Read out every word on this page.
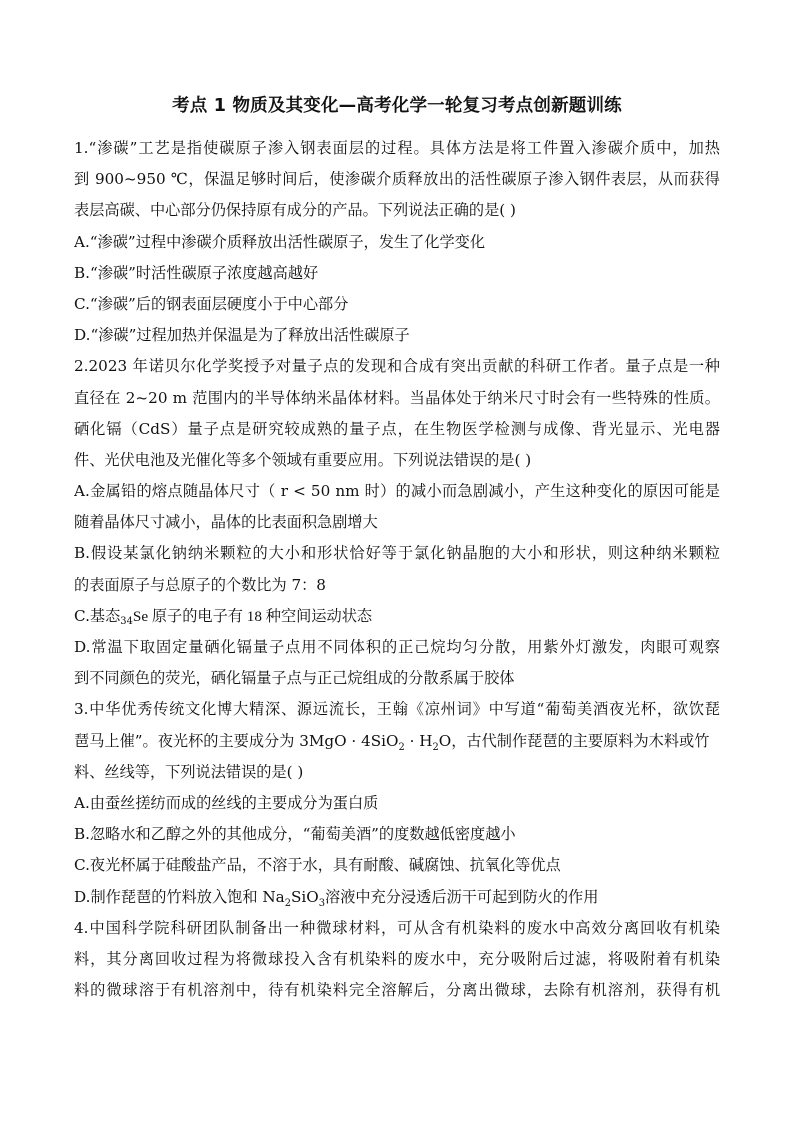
考点 1 物质及其变化—高考化学一轮复习考点创新题训练
1.“渗碳”工艺是指使碳原子渗入钢表面层的过程。具体方法是将工件置入渗碳介质中，加热
到 900~950 ℃，保温足够时间后，使渗碳介质释放出的活性碳原子渗入钢件表层，从而获得
表层高碳、中心部分仍保持原有成分的产品。下列说法正确的是( )
A.“渗碳”过程中渗碳介质释放出活性碳原子，发生了化学变化
B.“渗碳”时活性碳原子浓度越高越好
C.“渗碳”后的钢表面层硬度小于中心部分
D.“渗碳”过程加热并保温是为了释放出活性碳原子
2.2023 年诺贝尔化学奖授予对量子点的发现和合成有突出贡献的科研工作者。量子点是一种
直径在 2~20 m 范围内的半导体纳米晶体材料。当晶体处于纳米尺寸时会有一些特殊的性质。
硒化镉（CdS）量子点是研究较成熟的量子点，在生物医学检测与成像、背光显示、光电器
件、光伏电池及光催化等多个领域有重要应用。下列说法错误的是( )
A.金属铅的熔点随晶体尺寸（ r < 50 nm 时）的减小而急剧减小，产生这种变化的原因可能是
随着晶体尺寸减小，晶体的比表面积急剧增大
B.假设某氯化钠纳米颗粒的大小和形状恰好等于氯化钠晶胞的大小和形状，则这种纳米颗粒
的表面原子与总原子的个数比为 7：8
C.基态$_{34}$Se 原子的电子有 18 种空间运动状态
D.常温下取固定量硒化镉量子点用不同体积的正己烷均匀分散，用紫外灯激发，肉眼可观察
到不同颜色的荧光，硒化镉量子点与正己烷组成的分散系属于胶体
3.中华优秀传统文化博大精深、源远流长，王翰《凉州词》中写道“葡萄美酒夜光杯，欲饮琵
琶马上催”。夜光杯的主要成分为 $3MgO \cdot 4SiO_2 \cdot H_2O$，古代制作琵琶的主要原料为木料或竹
料、丝线等，下列说法错误的是( )
A.由蚕丝搓纺而成的丝线的主要成分为蛋白质
B.忽略水和乙醇之外的其他成分，“葡萄美酒”的度数越低密度越小
C.夜光杯属于硅酸盐产品，不溶于水，具有耐酸、碱腐蚀、抗氧化等优点
D.制作琵琶的竹料放入饱和 $Na_2SiO_3$溶液中充分浸透后沥干可起到防火的作用
4.中国科学院科研团队制备出一种微球材料，可从含有机染料的废水中高效分离回收有机染
料，其分离回收过程为将微球投入含有机染料的废水中，充分吸附后过滤，将吸附着有机染
料的微球溶于有机溶剂中，待有机染料完全溶解后，分离出微球，去除有机溶剂，获得有机
